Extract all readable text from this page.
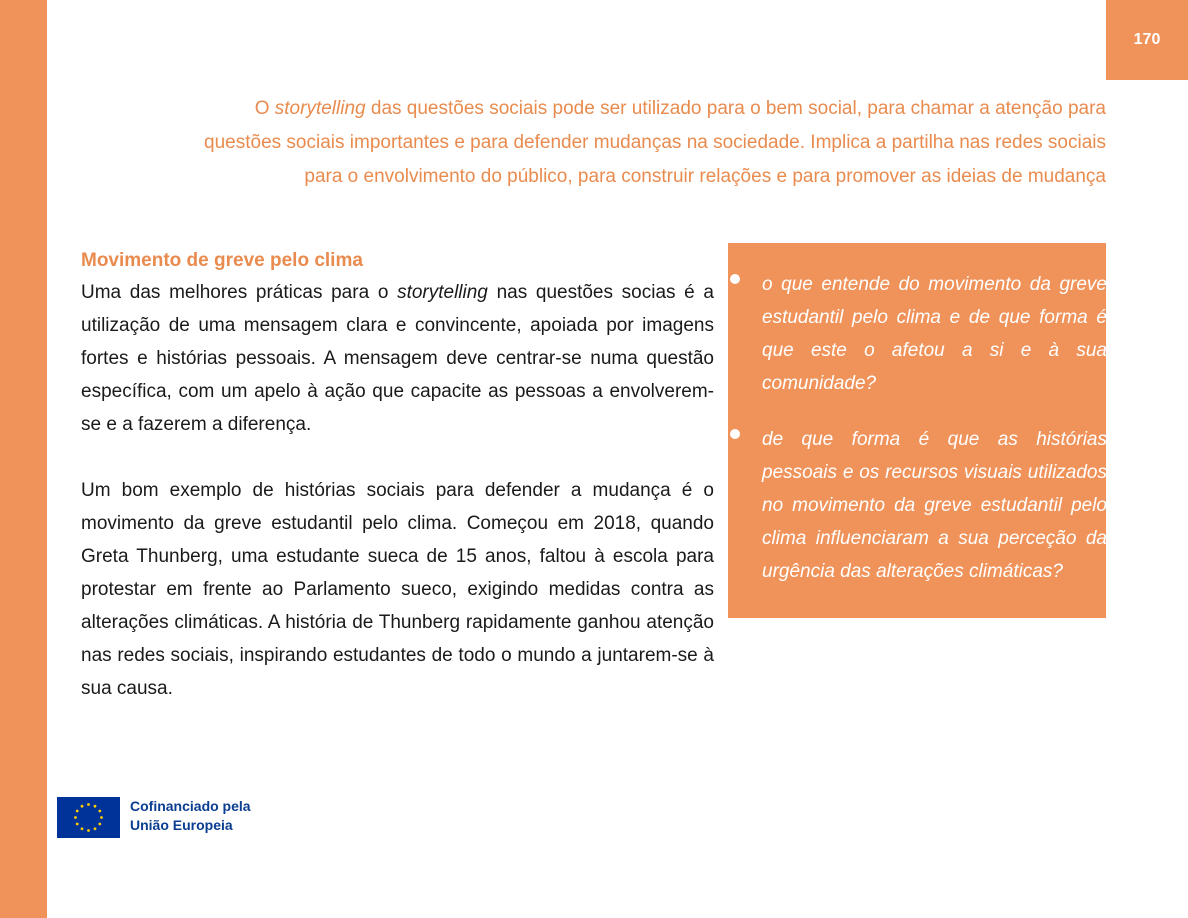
170

O storytelling das questões sociais pode ser utilizado para o bem social, para chamar a atenção para
questões sociais importantes e para defender mudanças na sociedade. Implica a partilha nas redes sociais
para o envolvimento do público, para construir relações e para promover as ideias de mudança

Movimento de greve pelo clima

Uma das melhores práticas para o storytelling nas questões socias é a utilização de uma mensagem clara e convincente, apoiada por imagens fortes e histórias pessoais. A mensagem deve centrar-se numa questão específica, com um apelo à ação que capacite as pessoas a envolverem-se e a fazerem a diferença.

Um bom exemplo de histórias sociais para defender a mudança é o movimento da greve estudantil pelo clima. Começou em 2018, quando Greta Thunberg, uma estudante sueca de 15 anos, faltou à escola para protestar em frente ao Parlamento sueco, exigindo medidas contra as alterações climáticas. A história de Thunberg rapidamente ganhou atenção nas redes sociais, inspirando estudantes de todo o mundo a juntarem-se à sua causa.

o que entende do movimento da greve estudantil pelo clima e de que forma é que este o afetou a si e à sua comunidade?
de que forma é que as histórias pessoais e os recursos visuais utilizados no movimento da greve estudantil pelo clima influenciaram a sua perceção da urgência das alterações climáticas?
Cofinanciado pela
União Europeia
